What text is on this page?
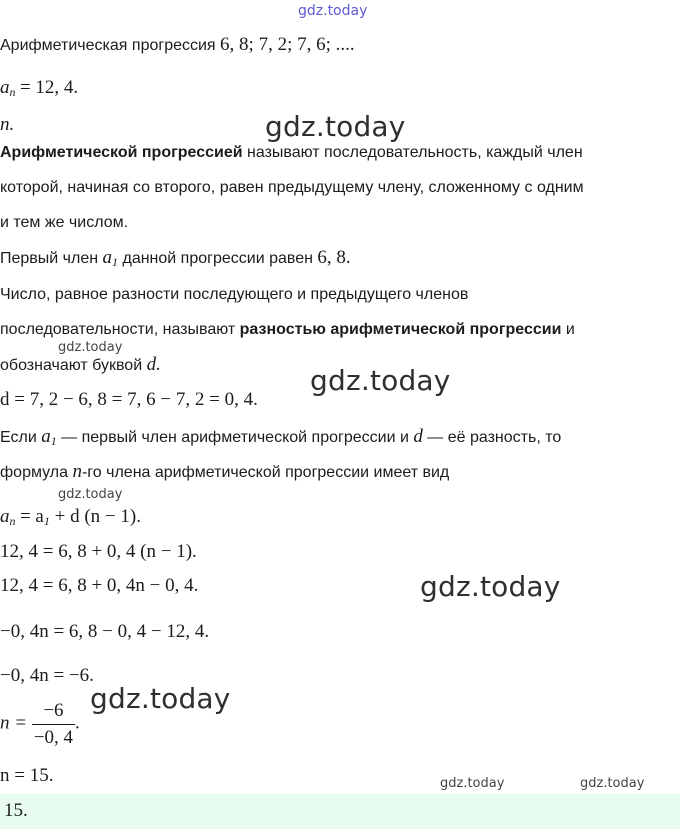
gdz.today
Арифметическая прогрессия 6, 8; 7, 2; 7, 6; ....
$a_n = 12$, 4.
n.	gdz.today
Арифметической прогрессией называют последовательность, каждый член
которой, начиная со второго, равен предыдущему члену, сложенному с одним
и тем же числом.
Первый член $a_1$ данной прогрессии равен 6, 8.
Число, равное разности последующего и предыдущего членов
последовательности, называют разностью арифметической прогрессии и
gdz.today
обозначают буквой d.	gdz.today
d = 7, 2 − 6, 8 = 7, 6 − 7, 2 = 0, 4.
Если $a_1$ — первый член арифметической прогрессии и d — её разность, то
формула n-го члена арифметической прогрессии имеет вид
gdz.today
$a_n = a_1 + d$ (n − 1).
12, 4 = 6, 8 + 0, 4 (n − 1).
12, 4 = 6, 8 + 0, 4n − 0, 4.	gdz.today
−0, 4n = 6, 8 − 0, 4 − 12, 4.
−0, 4n = −6.
gdz.today
$n = \frac{-6}{-0, 4}$ .
n = 15.	gdz.today	gdz.today
15.
